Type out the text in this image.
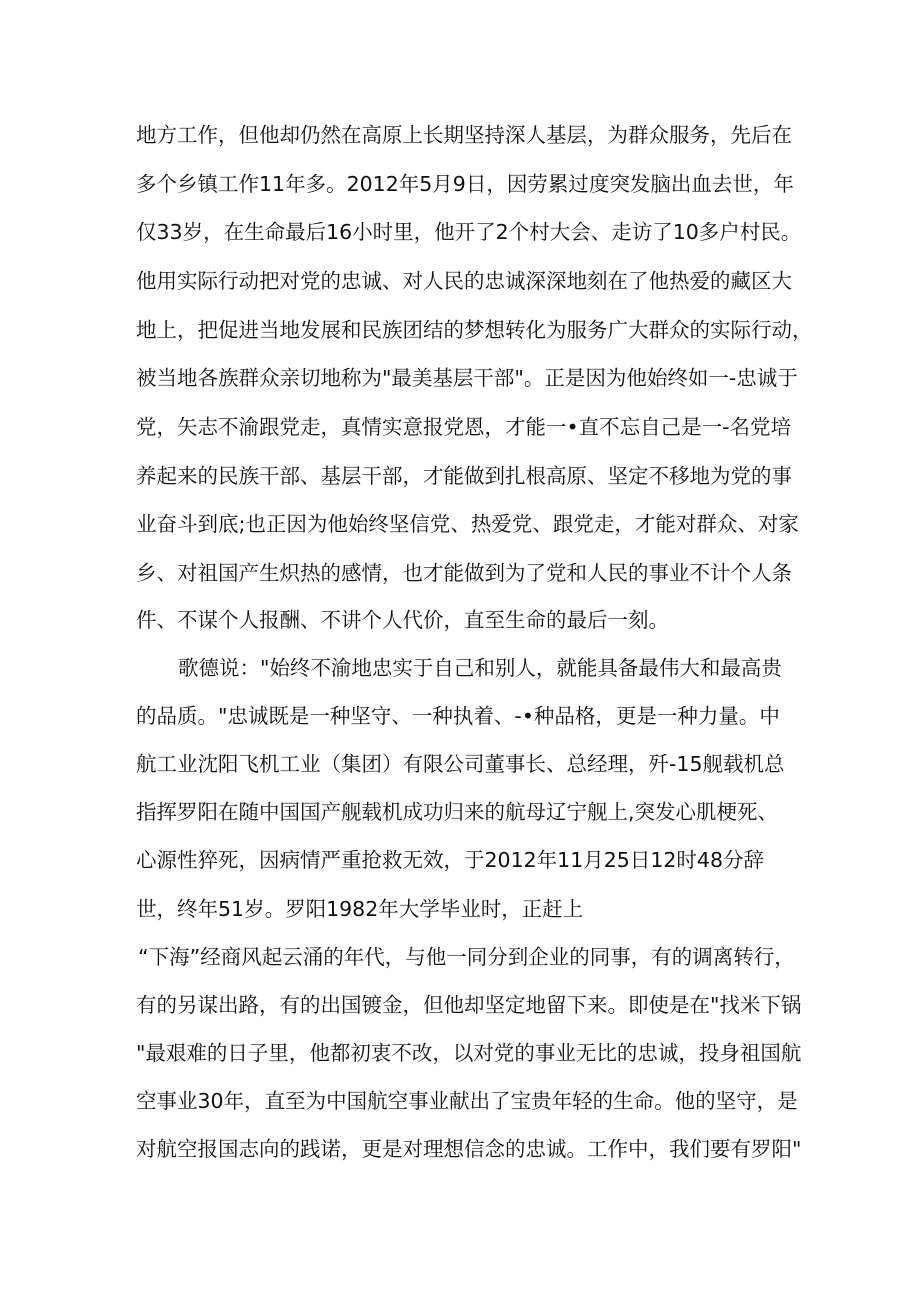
地方工作，但他却仍然在高原上长期坚持深人基层，为群众服务，先后在
多个乡镇工作11年多。2012年5月9日，因劳累过度突发脑出血去世，年
仅33岁，在生命最后16小时里，他开了2个村大会、走访了10多户村民。
他用实际行动把对党的忠诚、对人民的忠诚深深地刻在了他热爱的藏区大
地上，把促进当地发展和民族团结的梦想转化为服务广大群众的实际行动，
被当地各族群众亲切地称为"最美基层干部"。正是因为他始终如一-忠诚于
党，矢志不渝跟党走，真情实意报党恩，才能一•直不忘自己是一-名党培
养起来的民族干部、基层干部，才能做到扎根高原、坚定不移地为党的事
业奋斗到底;也正因为他始终坚信党、热爱党、跟党走，才能对群众、对家
乡、对祖国产生炽热的感情，也才能做到为了党和人民的事业不计个人条
件、不谋个人报酬、不讲个人代价，直至生命的最后一刻。
歌德说："始终不渝地忠实于自己和别人，就能具备最伟大和最高贵
的品质。"忠诚既是一种坚守、一种执着、-•种品格，更是一种力量。中
航工业沈阳飞机工业（集团）有限公司董事长、总经理，歼-15舰载机总
指挥罗阳在随中国国产舰载机成功归来的航母辽宁舰上,突发心肌梗死、
心源性猝死，因病情严重抢救无效，于2012年11月25日12时48分辞
世，终年51岁。罗阳1982年大学毕业时，正赶上
“下海”经商风起云涌的年代，与他一同分到企业的同事，有的调离转行，
有的另谋出路，有的出国镀金，但他却坚定地留下来。即使是在"找米下锅
"最艰难的日子里，他都初衷不改，以对党的事业无比的忠诚，投身祖国航
空事业30年，直至为中国航空事业献出了宝贵年轻的生命。他的坚守，是
对航空报国志向的践诺，更是对理想信念的忠诚。工作中，我们要有罗阳"
